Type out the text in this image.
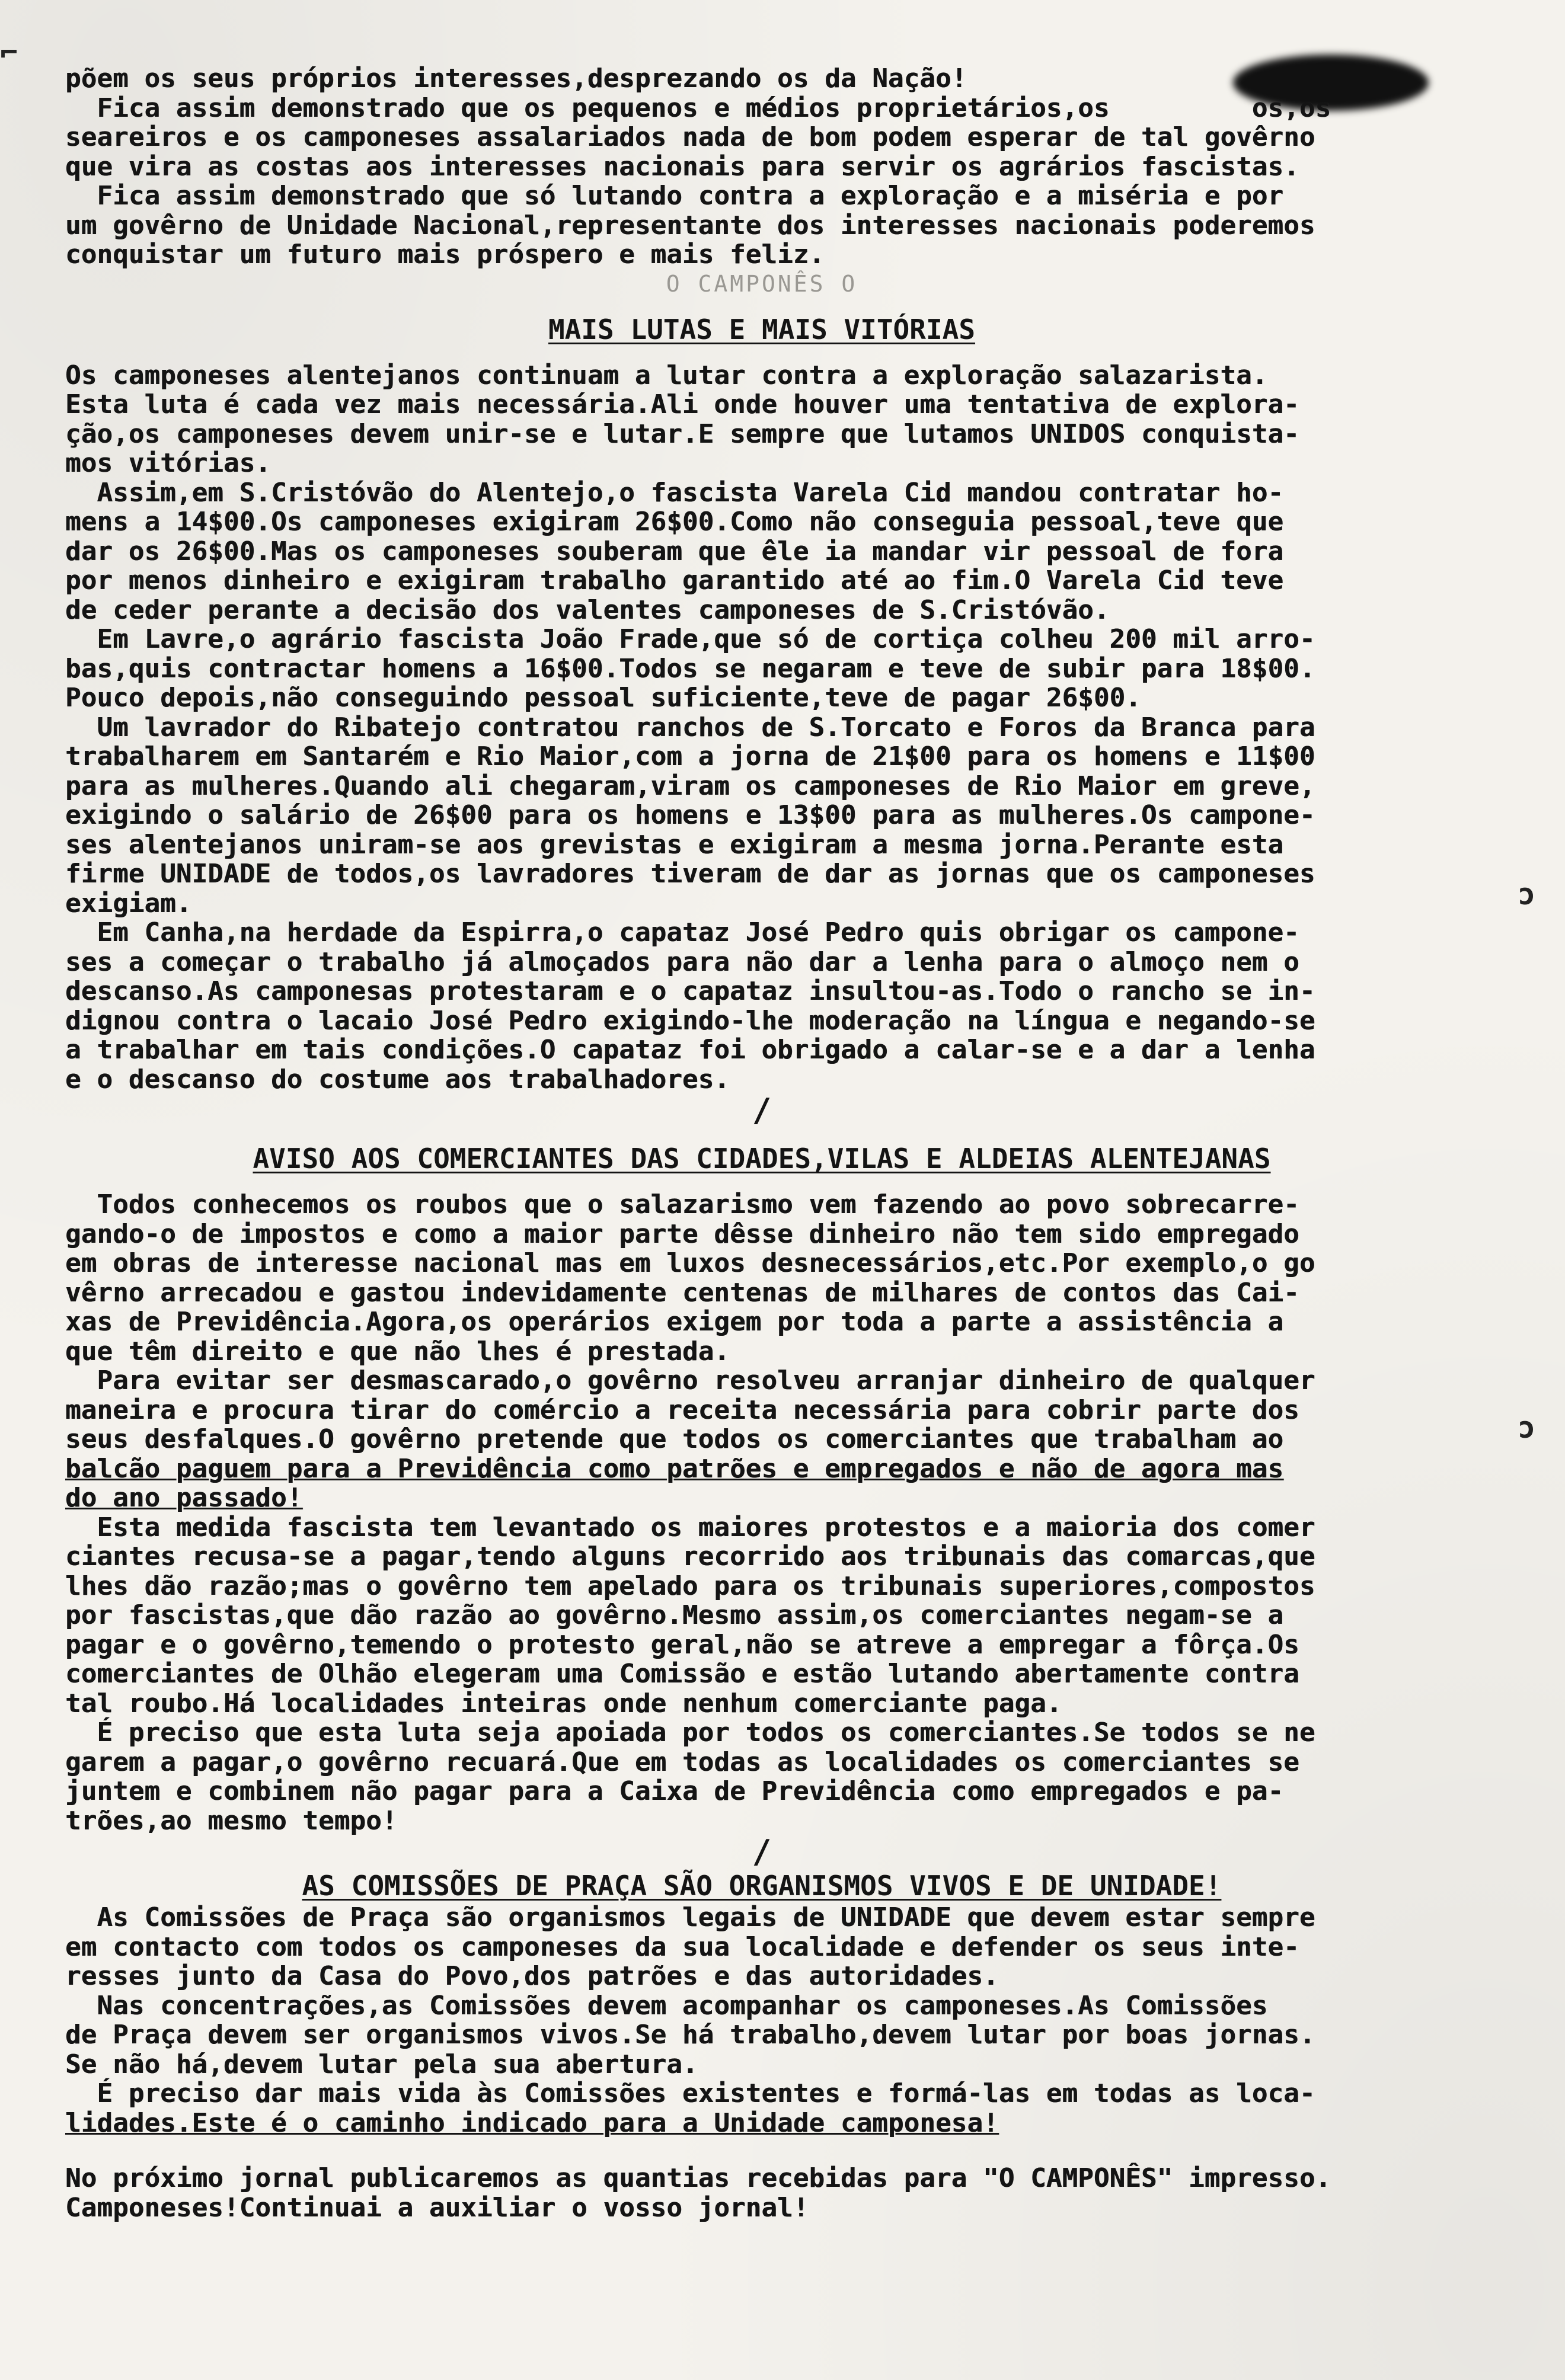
⌐
ɔ
ɔ
põem os seus próprios interesses,desprezando os da Nação!
Fica assim demonstrado que os pequenos e médios proprietários,os         os,os
seareiros e os camponeses assalariados nada de bom podem esperar de tal govêrno
que vira as costas aos interesses nacionais para servir os agrários fascistas.
Fica assim demonstrado que só lutando contra a exploração e a miséria e por
um govêrno de Unidade Nacional,representante dos interesses nacionais poderemos
conquistar um futuro mais próspero e mais feliz.
O CAMPONÊS O
MAIS LUTAS E MAIS VITÓRIAS
Os camponeses alentejanos continuam a lutar contra a exploração salazarista.
Esta luta é cada vez mais necessária.Ali onde houver uma tentativa de explora-
ção,os camponeses devem unir-se e lutar.E sempre que lutamos UNIDOS conquista-
mos vitórias.
Assim,em S.Cristóvão do Alentejo,o fascista Varela Cid mandou contratar ho-
mens a 14$00.Os camponeses exigiram 26$00.Como não conseguia pessoal,teve que
dar os 26$00.Mas os camponeses souberam que êle ia mandar vir pessoal de fora
por menos dinheiro e exigiram trabalho garantido até ao fim.O Varela Cid teve
de ceder perante a decisão dos valentes camponeses de S.Cristóvão.
Em Lavre,o agrário fascista João Frade,que só de cortiça colheu 200 mil arro-
bas,quis contractar homens a 16$00.Todos se negaram e teve de subir para 18$00.
Pouco depois,não conseguindo pessoal suficiente,teve de pagar 26$00.
Um lavrador do Ribatejo contratou ranchos de S.Torcato e Foros da Branca para
trabalharem em Santarém e Rio Maior,com a jorna de 21$00 para os homens e 11$00
para as mulheres.Quando ali chegaram,viram os camponeses de Rio Maior em greve,
exigindo o salário de 26$00 para os homens e 13$00 para as mulheres.Os campone-
ses alentejanos uniram-se aos grevistas e exigiram a mesma jorna.Perante esta
firme UNIDADE de todos,os lavradores tiveram de dar as jornas que os camponeses
exigiam.
Em Canha,na herdade da Espirra,o capataz José Pedro quis obrigar os campone-
ses a começar o trabalho já almoçados para não dar a lenha para o almoço nem o
descanso.As camponesas protestaram e o capataz insultou-as.Todo o rancho se in-
dignou contra o lacaio José Pedro exigindo-lhe moderação na língua e negando-se
a trabalhar em tais condições.O capataz foi obrigado a calar-se e a dar a lenha
e o descanso do costume aos trabalhadores.
/
AVISO AOS COMERCIANTES DAS CIDADES,VILAS E ALDEIAS ALENTEJANAS
Todos conhecemos os roubos que o salazarismo vem fazendo ao povo sobrecarre-
gando-o de impostos e como a maior parte dêsse dinheiro não tem sido empregado
em obras de interesse nacional mas em luxos desnecessários,etc.Por exemplo,o go
vêrno arrecadou e gastou indevidamente centenas de milhares de contos das Cai-
xas de Previdência.Agora,os operários exigem por toda a parte a assistência a
que têm direito e que não lhes é prestada.
Para evitar ser desmascarado,o govêrno resolveu arranjar dinheiro de qualquer
maneira e procura tirar do comércio a receita necessária para cobrir parte dos
seus desfalques.O govêrno pretende que todos os comerciantes que trabalham ao
balcão paguem para a Previdência como patrões e empregados e não de agora mas
do ano passado!
Esta medida fascista tem levantado os maiores protestos e a maioria dos comer
ciantes recusa-se a pagar,tendo alguns recorrido aos tribunais das comarcas,que
lhes dão razão;mas o govêrno tem apelado para os tribunais superiores,compostos
por fascistas,que dão razão ao govêrno.Mesmo assim,os comerciantes negam-se a
pagar e o govêrno,temendo o protesto geral,não se atreve a empregar a fôrça.Os
comerciantes de Olhão elegeram uma Comissão e estão lutando abertamente contra
tal roubo.Há localidades inteiras onde nenhum comerciante paga.
É preciso que esta luta seja apoiada por todos os comerciantes.Se todos se ne
garem a pagar,o govêrno recuará.Que em todas as localidades os comerciantes se
juntem e combinem não pagar para a Caixa de Previdência como empregados e pa-
trões,ao mesmo tempo!
/
AS COMISSÕES DE PRAÇA SÃO ORGANISMOS VIVOS E DE UNIDADE!
As Comissões de Praça são organismos legais de UNIDADE que devem estar sempre
em contacto com todos os camponeses da sua localidade e defender os seus inte-
resses junto da Casa do Povo,dos patrões e das autoridades.
Nas concentrações,as Comissões devem acompanhar os camponeses.As Comissões
de Praça devem ser organismos vivos.Se há trabalho,devem lutar por boas jornas.
Se não há,devem lutar pela sua abertura.
É preciso dar mais vida às Comissões existentes e formá-las em todas as loca-
lidades.Este é o caminho indicado para a Unidade camponesa!
No próximo jornal publicaremos as quantias recebidas para "O CAMPONÊS" impresso.
Camponeses!Continuai a auxiliar o vosso jornal!
